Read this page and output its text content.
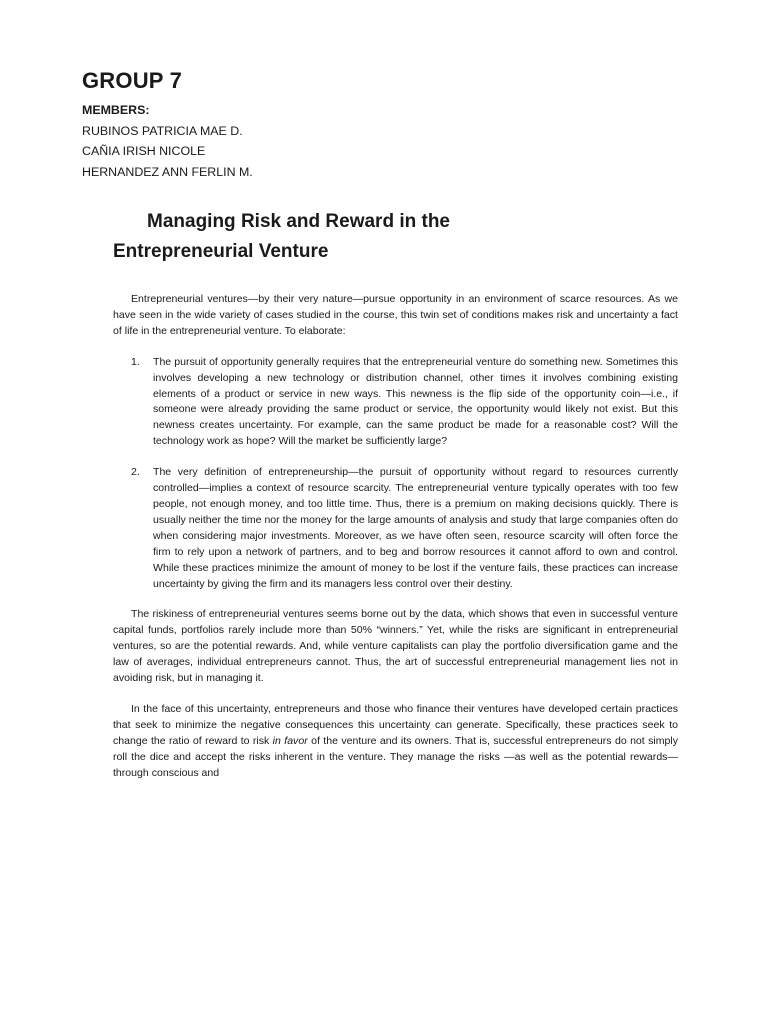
GROUP 7
MEMBERS:
RUBINOS PATRICIA MAE D.
CAÑIA IRISH NICOLE
HERNANDEZ ANN FERLIN M.
Managing Risk and Reward in the
Entrepreneurial Venture

Entrepreneurial ventures—by their very nature—pursue opportunity in an environment of scarce resources. As we have seen in the wide variety of cases studied in the course, this twin set of conditions makes risk and uncertainty a fact of life in the entrepreneurial venture. To elaborate:

1. The pursuit of opportunity generally requires that the entrepreneurial venture do something new. Sometimes this involves developing a new technology or distribution channel, other times it involves combining existing elements of a product or service in new ways. This newness is the flip side of the opportunity coin—i.e., if someone were already providing the same product or service, the opportunity would likely not exist. But this newness creates uncertainty. For example, can the same product be made for a reasonable cost? Will the technology work as hope? Will the market be sufficiently large?
2. The very definition of entrepreneurship—the pursuit of opportunity without regard to resources currently controlled—implies a context of resource scarcity. The entrepreneurial venture typically operates with too few people, not enough money, and too little time. Thus, there is a premium on making decisions quickly. There is usually neither the time nor the money for the large amounts of analysis and study that large companies often do when considering major investments. Moreover, as we have often seen, resource scarcity will often force the firm to rely upon a network of partners, and to beg and borrow resources it cannot afford to own and control. While these practices minimize the amount of money to be lost if the venture fails, these practices can increase uncertainty by giving the firm and its managers less control over their destiny.

The riskiness of entrepreneurial ventures seems borne out by the data, which shows that even in successful venture capital funds, portfolios rarely include more than 50% “winners.” Yet, while the risks are significant in entrepreneurial ventures, so are the potential rewards. And, while venture capitalists can play the portfolio diversification game and the law of averages, individual entrepreneurs cannot. Thus, the art of successful entrepreneurial management lies not in avoiding risk, but in managing it.

In the face of this uncertainty, entrepreneurs and those who finance their ventures have developed certain practices that seek to minimize the negative consequences this uncertainty can generate. Specifically, these practices seek to change the ratio of reward to risk in favor of the venture and its owners. That is, successful entrepreneurs do not simply roll the dice and accept the risks inherent in the venture. They manage the risks —as well as the potential rewards—through conscious and
